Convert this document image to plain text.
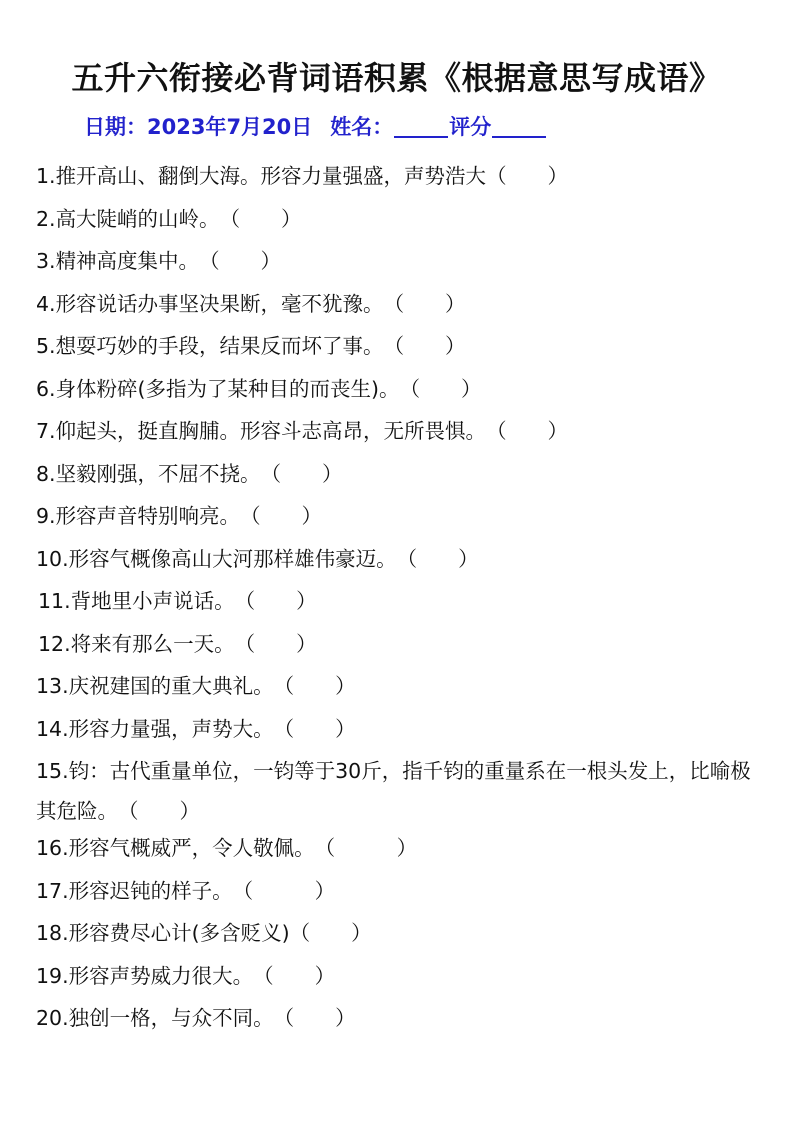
五升六衔接必背词语积累《根据意思写成语》
日期：2023年7月20日 姓名：	评分
1.推开高山、翻倒大海。形容力量强盛，声势浩大（　　）
2.高大陡峭的山岭。（　　）
3.精神高度集中。（　　）
4.形容说话办事坚决果断，毫不犹豫。（　　）
5.想耍巧妙的手段，结果反而坏了事。（　　）
6.身体粉碎(多指为了某种目的而丧生)。（　　）
7.仰起头，挺直胸脯。形容斗志高昂，无所畏惧。（　　）
8.坚毅刚强，不屈不挠。（　　）
9.形容声音特别响亮。（　　）
10.形容气概像高山大河那样雄伟豪迈。（　　）
11.背地里小声说话。（　　）
12.将来有那么一天。（　　）
13.庆祝建国的重大典礼。（　　）
14.形容力量强，声势大。（　　）
15.钧：古代重量单位，一钧等于30斤，指千钧的重量系在一根头发上，比喻极其危险。（　　）
16.形容气概威严，令人敬佩。（　　　）
17.形容迟钝的样子。（　　　）
18.形容费尽心计(多含贬义)（　　）
19.形容声势威力很大。（　　）
20.独创一格，与众不同。（　　）
